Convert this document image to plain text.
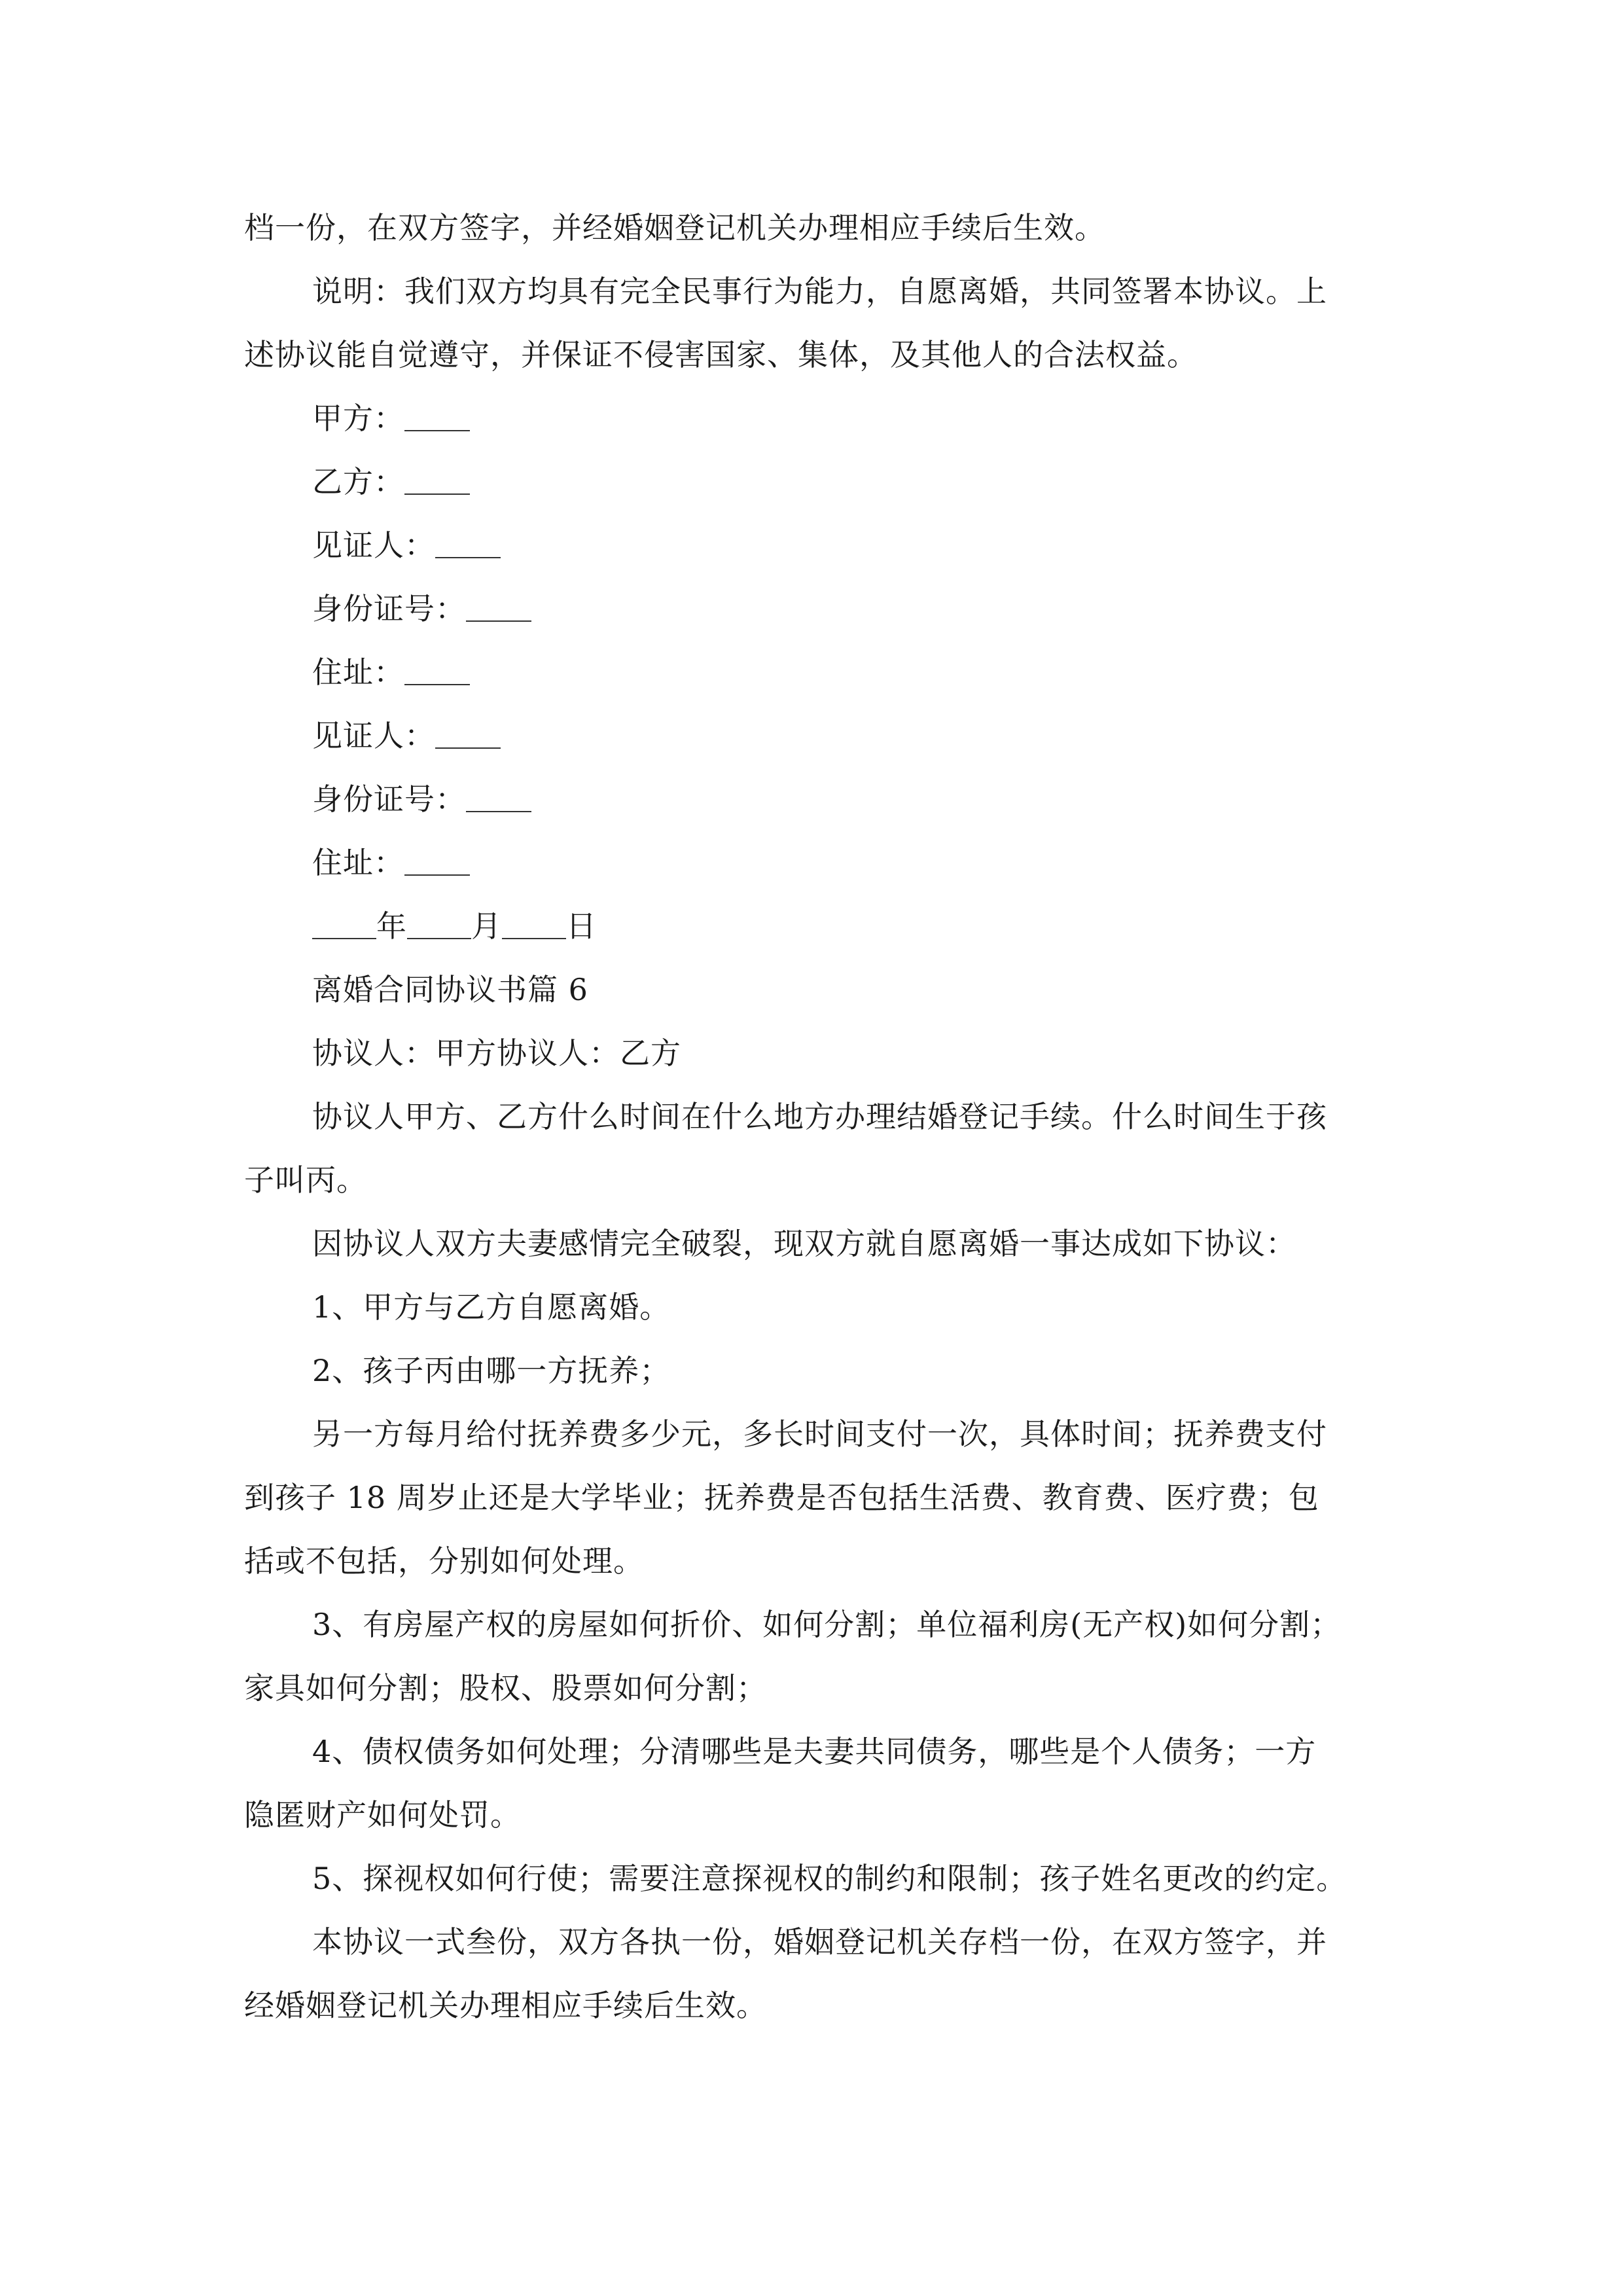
档一份，在双方签字，并经婚姻登记机关办理相应手续后生效。
说明：我们双方均具有完全民事行为能力，自愿离婚，共同签署本协议。上
述协议能自觉遵守，并保证不侵害国家、集体，及其他人的合法权益。
甲方：
乙方：
见证人：
身份证号：
住址：
见证人：
身份证号：
住址：
年 月 日
离婚合同协议书篇 6
协议人：甲方协议人：乙方
协议人甲方、乙方什么时间在什么地方办理结婚登记手续。什么时间生于孩
子叫丙。
因协议人双方夫妻感情完全破裂，现双方就自愿离婚一事达成如下协议：
1、甲方与乙方自愿离婚。
2、孩子丙由哪一方抚养；
另一方每月给付抚养费多少元，多长时间支付一次，具体时间；抚养费支付
到孩子 18 周岁止还是大学毕业；抚养费是否包括生活费、教育费、医疗费；包
括或不包括，分别如何处理。
3、有房屋产权的房屋如何折价、如何分割；单位福利房(无产权)如何分割；
家具如何分割；股权、股票如何分割；
4、债权债务如何处理；分清哪些是夫妻共同债务，哪些是个人债务；一方
隐匿财产如何处罚。
5、探视权如何行使；需要注意探视权的制约和限制；孩子姓名更改的约定。
本协议一式叁份，双方各执一份，婚姻登记机关存档一份，在双方签字，并
经婚姻登记机关办理相应手续后生效。
